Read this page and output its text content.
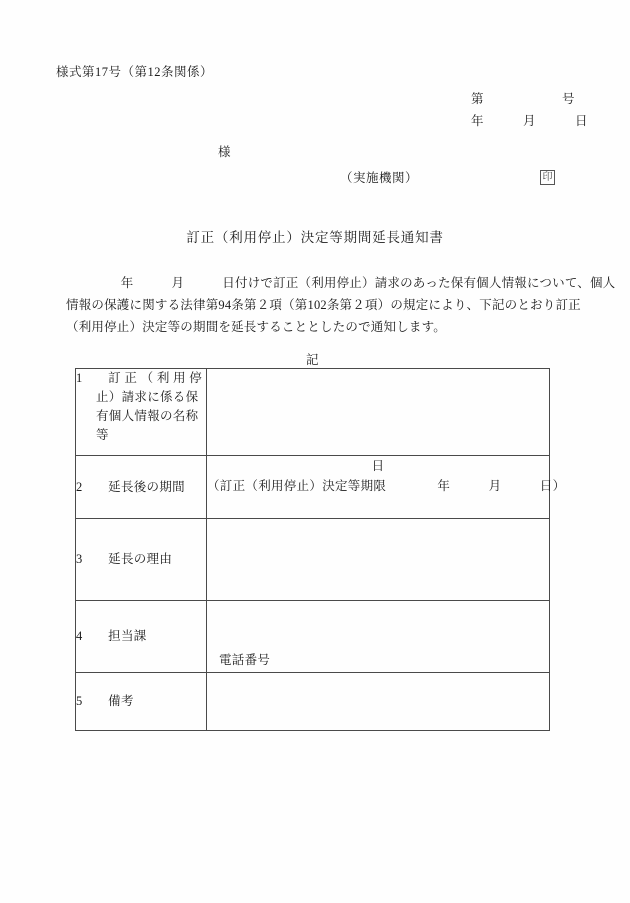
様式第17号（第12条関係）
第　　　　　　号
年　　　月　　　日
様
（実施機関）	印
訂正（利用停止）決定等期間延長通知書
　年　　　月　　　日付けで訂正（利用停止）請求のあった保有個人情報について、個人
情報の保護に関する法律第94条第２項（第102条第２項）の規定により、下記のとおり訂正
（利用停止）決定等の期間を延長することとしたので通知します。
記
1　　訂 正 （ 利 用 停
止）請求に係る保
有個人情報の名称
等	

2　　延長後の期間	日
（訂正（利用停止）決定等期限　　　　年　　　月　　　日）

3　　延長の理由	

4　　担当課	電話番号

5　　備考	
